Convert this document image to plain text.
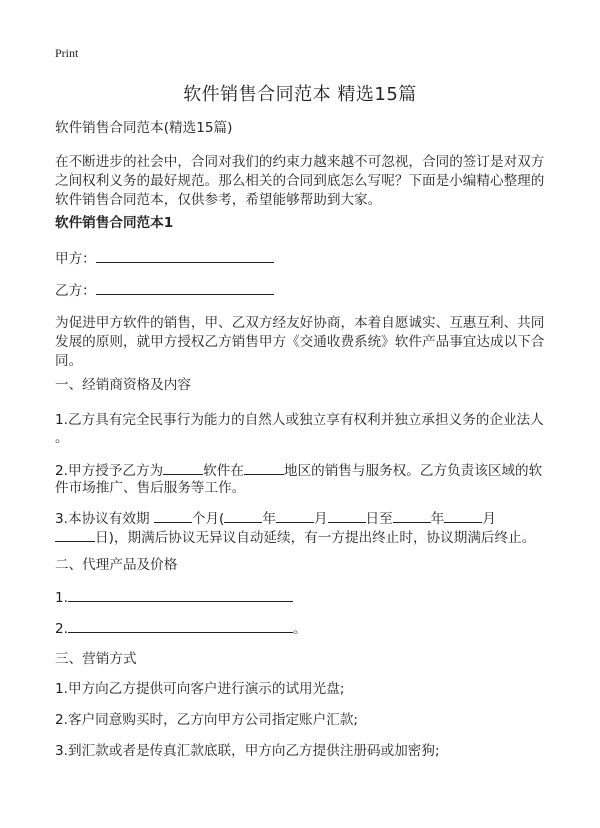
Print
软件销售合同范本 精选15篇
软件销售合同范本(精选15篇)
在不断进步的社会中，合同对我们的约束力越来越不可忽视，合同的签订是对双方
之间权利义务的最好规范。那么相关的合同到底怎么写呢？下面是小编精心整理的
软件销售合同范本，仅供参考，希望能够帮助到大家。
软件销售合同范本1
甲方：
乙方：
为促进甲方软件的销售，甲、乙双方经友好协商，本着自愿诚实、互惠互利、共同
发展的原则，就甲方授权乙方销售甲方《交通收费系统》软件产品事宜达成以下合
同。
一、经销商资格及内容
1.乙方具有完全民事行为能力的自然人或独立享有权利并独立承担义务的企业法人
。
2.甲方授予乙方为	软件在	地区的销售与服务权。乙方负责该区域的软
件市场推广、售后服务等工作。
3.本协议有效期	个月(	年	月	日至	年	月
日)，期满后协议无异议自动延续，有一方提出终止时，协议期满后终止。
二、代理产品及价格
1.
2.	。
三、营销方式
1.甲方向乙方提供可向客户进行演示的试用光盘;
2.客户同意购买时，乙方向甲方公司指定账户汇款;
3.到汇款或者是传真汇款底联，甲方向乙方提供注册码或加密狗;
